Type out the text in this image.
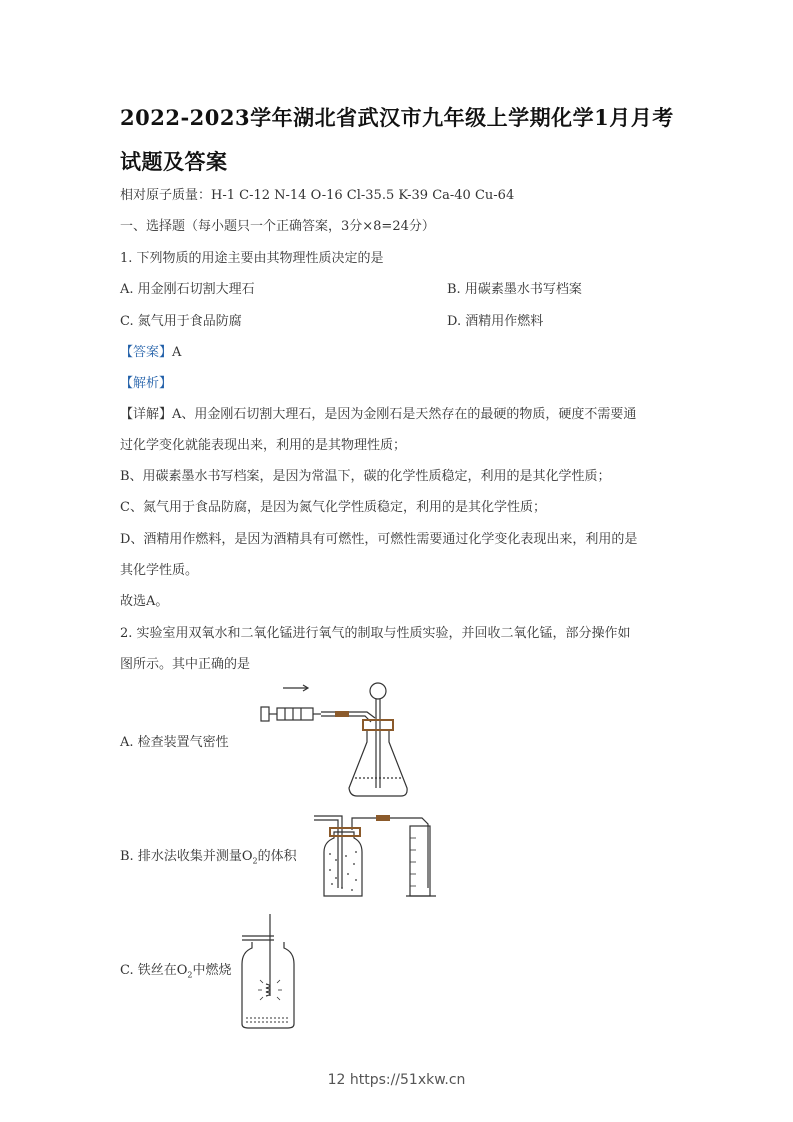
2022-2023学年湖北省武汉市九年级上学期化学1月月考试题及答案
相对原子质量：H-1 C-12 N-14 O-16 Cl-35.5 K-39 Ca-40 Cu-64
一、选择题（每小题只一个正确答案，3分×8=24分）
1. 下列物质的用途主要由其物理性质决定的是
A. 用金刚石切割大理石	B. 用碳素墨水书写档案
C. 氮气用于食品防腐	D. 酒精用作燃料
【答案】A
【解析】
【详解】A、用金刚石切割大理石，是因为金刚石是天然存在的最硬的物质，硬度不需要通
过化学变化就能表现出来，利用的是其物理性质；
B、用碳素墨水书写档案，是因为常温下，碳的化学性质稳定，利用的是其化学性质；
C、氮气用于食品防腐，是因为氮气化学性质稳定，利用的是其化学性质；
D、酒精用作燃料，是因为酒精具有可燃性，可燃性需要通过化学变化表现出来，利用的是
其化学性质。
故选A。
2. 实验室用双氧水和二氧化锰进行氧气的制取与性质实验，并回收二氧化锰，部分操作如
图所示。其中正确的是
A. 检查装置气密性
B. 排水法收集并测量$O_2$的体积
C. 铁丝在$O_2$中燃烧
12 https://51xkw.cn
